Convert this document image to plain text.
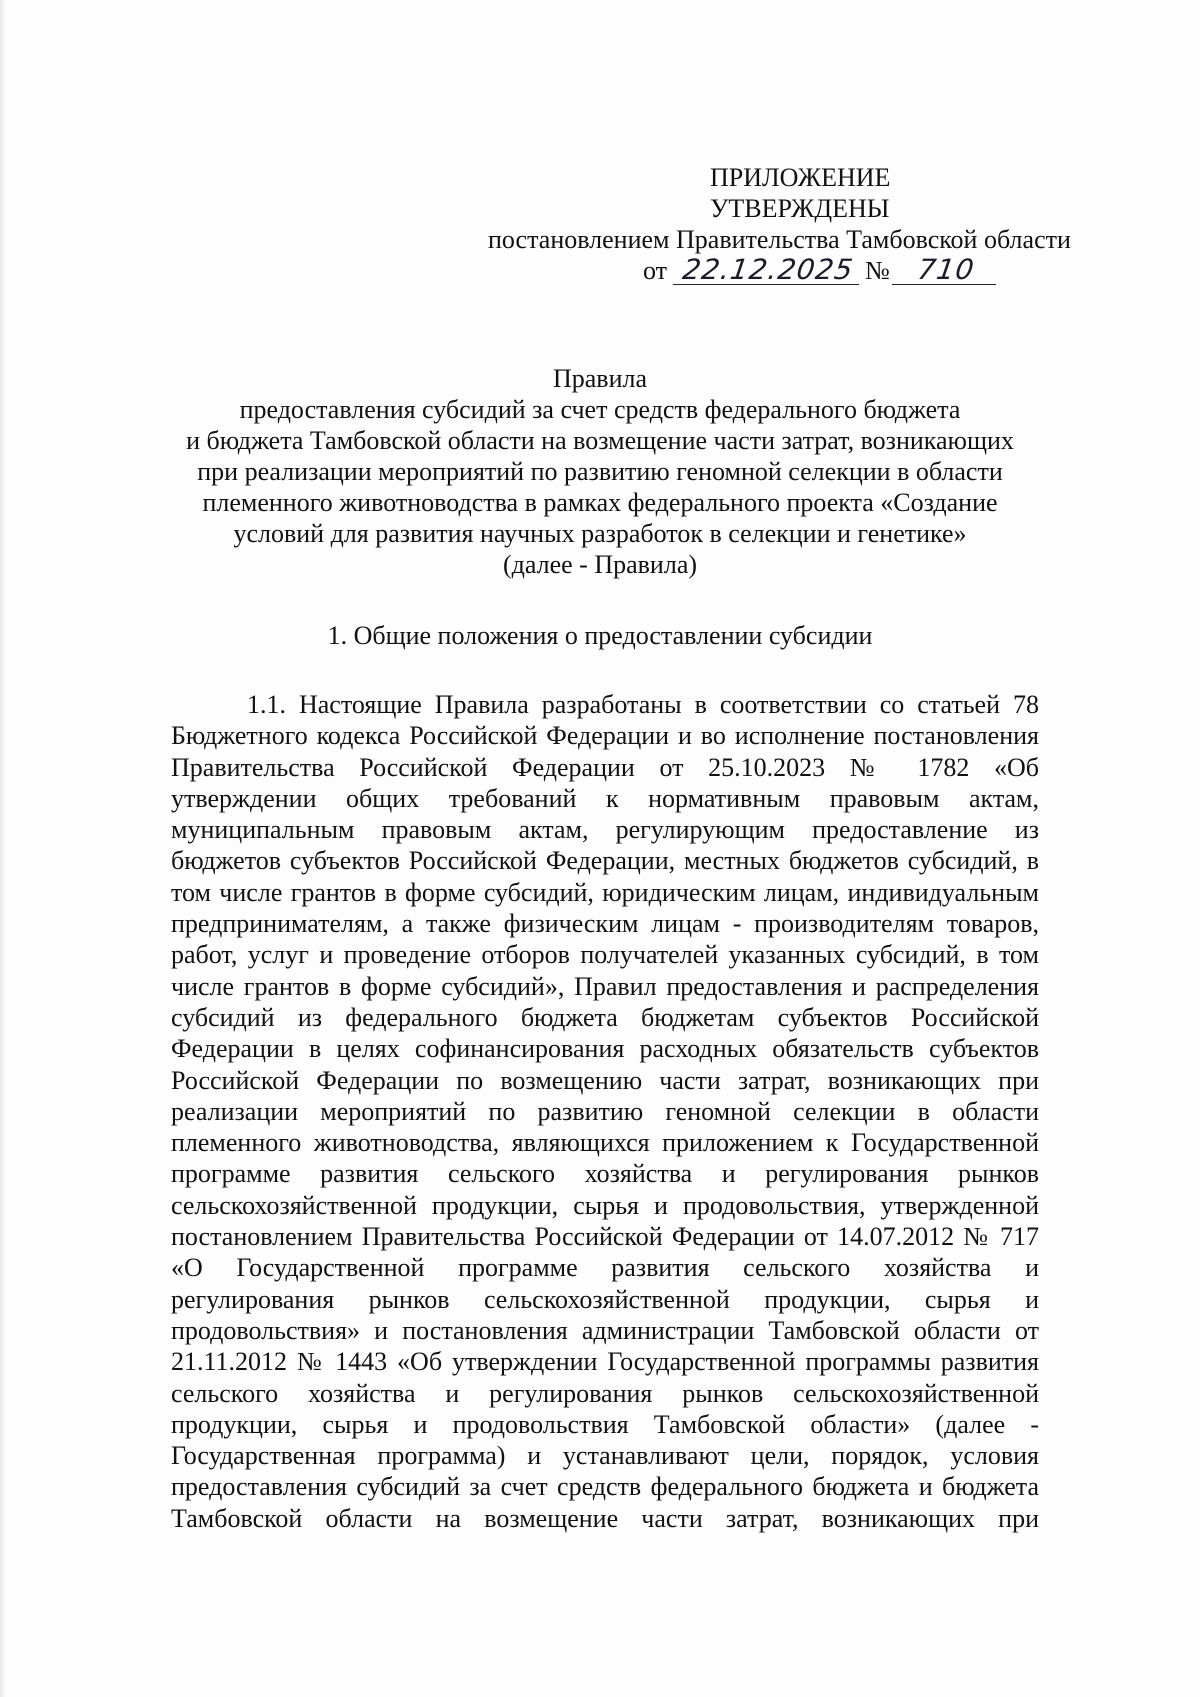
ПРИЛОЖЕНИЕ
УТВЕРЖДЕНЫ
постановлением Правительства Тамбовской области
от 22.12.2025 № 710
Правила
предоставления субсидий за счет средств федерального бюджета
и бюджета Тамбовской области на возмещение части затрат, возникающих
при реализации мероприятий по развитию геномной селекции в области
племенного животноводства в рамках федерального проекта «Создание
условий для развития научных разработок в селекции и генетике»
(далее - Правила)
1. Общие положения о предоставлении субсидии
1.1. Настоящие Правила разработаны в соответствии со статьей 78
Бюджетного кодекса Российской Федерации и во исполнение постановления
Правительства Российской Федерации от 25.10.2023 № 1782 «Об
утверждении общих требований к нормативным правовым актам,
муниципальным правовым актам, регулирующим предоставление из
бюджетов субъектов Российской Федерации, местных бюджетов субсидий, в
том числе грантов в форме субсидий, юридическим лицам, индивидуальным
предпринимателям, а также физическим лицам - производителям товаров,
работ, услуг и проведение отборов получателей указанных субсидий, в том
числе грантов в форме субсидий», Правил предоставления и распределения
субсидий из федерального бюджета бюджетам субъектов Российской
Федерации в целях софинансирования расходных обязательств субъектов
Российской Федерации по возмещению части затрат, возникающих при
реализации мероприятий по развитию геномной селекции в области
племенного животноводства, являющихся приложением к Государственной
программе развития сельского хозяйства и регулирования рынков
сельскохозяйственной продукции, сырья и продовольствия, утвержденной
постановлением Правительства Российской Федерации от 14.07.2012 № 717
«О Государственной программе развития сельского хозяйства и
регулирования рынков сельскохозяйственной продукции, сырья и
продовольствия» и постановления администрации Тамбовской области от
21.11.2012 № 1443 «Об утверждении Государственной программы развития
сельского хозяйства и регулирования рынков сельскохозяйственной
продукции, сырья и продовольствия Тамбовской области» (далее -
Государственная программа) и устанавливают цели, порядок, условия
предоставления субсидий за счет средств федерального бюджета и бюджета
Тамбовской области на возмещение части затрат, возникающих при
